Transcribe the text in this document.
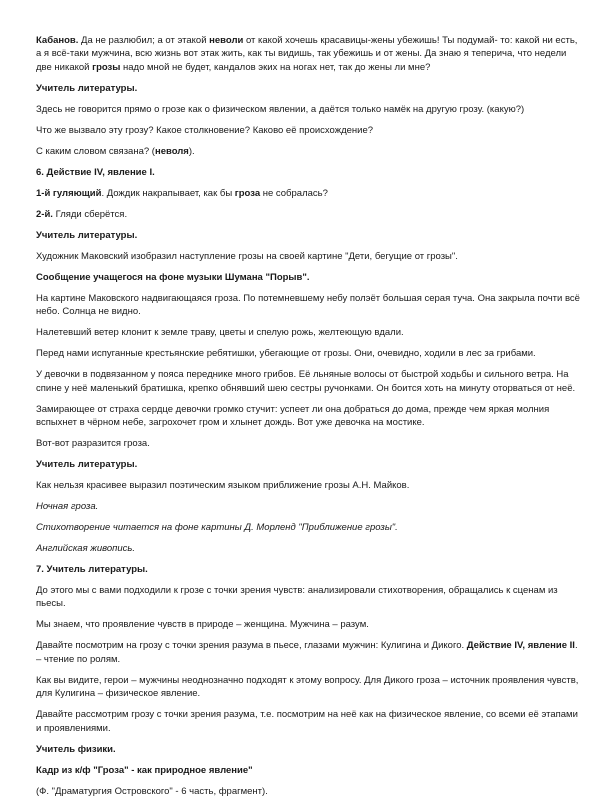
Кабанов. Да не разлюбил; а от этакой неволи от какой хочешь красавицы-жены убежишь! Ты подумай- то: какой ни есть, а я всё-таки мужчина, всю жизнь вот этак жить, как ты видишь, так убежишь и от жены. Да знаю я теперича, что недели две никакой грозы надо мной не будет, кандалов эких на ногах нет, так до жены ли мне?

Учитель литературы.

Здесь не говорится прямо о грозе как о физическом явлении, а даётся только намёк на другую грозу. (какую?)

Что же вызвало эту грозу? Какое столкновение? Каково её происхождение?

С каким словом связана? (неволя).

6. Действие IV, явление I.

1-й гуляющий. Дождик накрапывает, как бы гроза не собралась?

2-й. Гляди сберётся.

Учитель литературы.

Художник Маковский изобразил наступление грозы на своей картине "Дети, бегущие от грозы".

Сообщение учащегося на фоне музыки Шумана "Порыв".

На картине Маковского надвигающаяся гроза. По потемневшему небу полэёт большая серая туча. Она закрыла почти всё небо. Солнца не видно.

Налетевший ветер клонит к земле траву, цветы и спелую рожь, желтеющую вдали.

Перед нами испуганные крестьянские ребятишки, убегающие от грозы. Они, очевидно, ходили в лес за грибами.

У девочки в подвязанном у пояса переднике много грибов. Её льняные волосы от быстрой ходьбы и сильного ветра. На спине у неё маленький братишка, крепко обнявший шею сестры ручонками. Он боится хоть на минуту оторваться от неё.

Замирающее от страха сердце девочки громко стучит: успеет ли она добраться до дома, прежде чем яркая молния вспыхнет в чёрном небе, загрохочет гром и хлынет дождь. Вот уже девочка на мостике.

Вот-вот разразится гроза.

Учитель литературы.

Как нельзя красивее выразил поэтическим языком приближение грозы А.Н. Майков.

Ночная гроза.

Стихотворение читается на фоне картины Д. Морленд "Приближение грозы".

Английская живопись.

7. Учитель литературы.

До этого мы с вами подходили к грозе с точки зрения чувств: анализировали стихотворения, обращались к сценам из пьесы.

Мы знаем, что проявление чувств в природе – женщина. Мужчина – разум.

Давайте посмотрим на грозу с точки зрения разума в пьесе, глазами мужчин: Кулигина и Дикого. Действие IV, явление II. – чтение по ролям.

Как вы видите, герои – мужчины неоднозначно подходят к этому вопросу. Для Дикого гроза – источник проявления чувств, для Кулигина – физическое явление.

Давайте рассмотрим грозу с точки зрения разума, т.е. посмотрим на неё как на физическое явление, со всеми её этапами и проявлениями.

Учитель физики.

Кадр из к/ф "Гроза" - как природное явление"

(Ф. "Драматургия Островского" - 6 часть, фрагмент).
